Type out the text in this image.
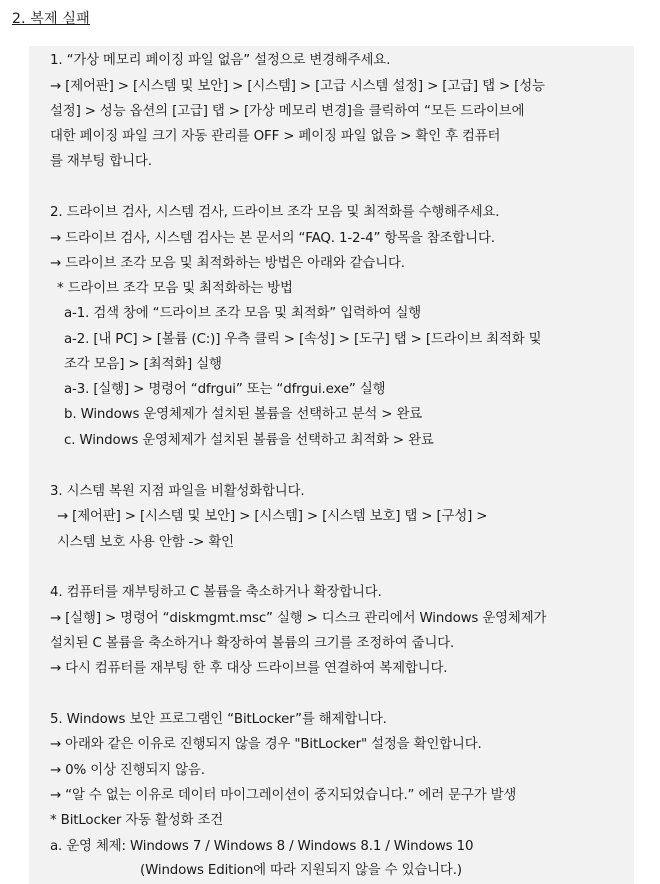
2. 복제 실패
1. “가상 메모리 페이징 파일 없음” 설정으로 변경해주세요.
→ [제어판] > [시스템 및 보안] > [시스템] > [고급 시스템 설정] > [고급] 탭 > [성능
설정] > 성능 옵션의 [고급] 탭 > [가상 메모리 변경]을 클릭하여 “모든 드라이브에
대한 페이징 파일 크기 자동 관리를 OFF > 페이징 파일 없음 > 확인 후 컴퓨터
를 재부팅 합니다.
2. 드라이브 검사, 시스템 검사, 드라이브 조각 모음 및 최적화를 수행해주세요.
→ 드라이브 검사, 시스템 검사는 본 문서의 “FAQ. 1-2-4” 항목을 참조합니다.
→ 드라이브 조각 모음 및 최적화하는 방법은 아래와 같습니다.
* 드라이브 조각 모음 및 최적화하는 방법
a-1. 검색 창에 “드라이브 조각 모음 및 최적화” 입력하여 실행
a-2. [내 PC] > [볼륨 (C:)] 우측 클릭 > [속성] > [도구] 탭 > [드라이브 최적화 및
조각 모음] > [최적화] 실행
a-3. [실행] > 명령어 “dfrgui” 또는 “dfrgui.exe” 실행
b. Windows 운영체제가 설치된 볼륨을 선택하고 분석 > 완료
c. Windows 운영체제가 설치된 볼륨을 선택하고 최적화 > 완료
3. 시스템 복원 지점 파일을 비활성화합니다.
→ [제어판] > [시스템 및 보안] > [시스템] > [시스템 보호] 탭 > [구성] >
시스템 보호 사용 안함 -> 확인
4. 컴퓨터를 재부팅하고 C 볼륨을 축소하거나 확장합니다.
→ [실행] > 명령어 “diskmgmt.msc” 실행 > 디스크 관리에서 Windows 운영체제가
설치된 C 볼륨을 축소하거나 확장하여 볼륨의 크기를 조정하여 줍니다.
→ 다시 컴퓨터를 재부팅 한 후 대상 드라이브를 연결하여 복제합니다.
5. Windows 보안 프로그램인 “BitLocker”를 해제합니다.
→ 아래와 같은 이유로 진행되지 않을 경우 "BitLocker" 설정을 확인합니다.
→ 0% 이상 진행되지 않음.
→ “알 수 없는 이유로 데이터 마이그레이션이 중지되었습니다.” 에러 문구가 발생
* BitLocker 자동 활성화 조건
a. 운영 체제: Windows 7 / Windows 8 / Windows 8.1 / Windows 10
(Windows Edition에 따라 지원되지 않을 수 있습니다.)
